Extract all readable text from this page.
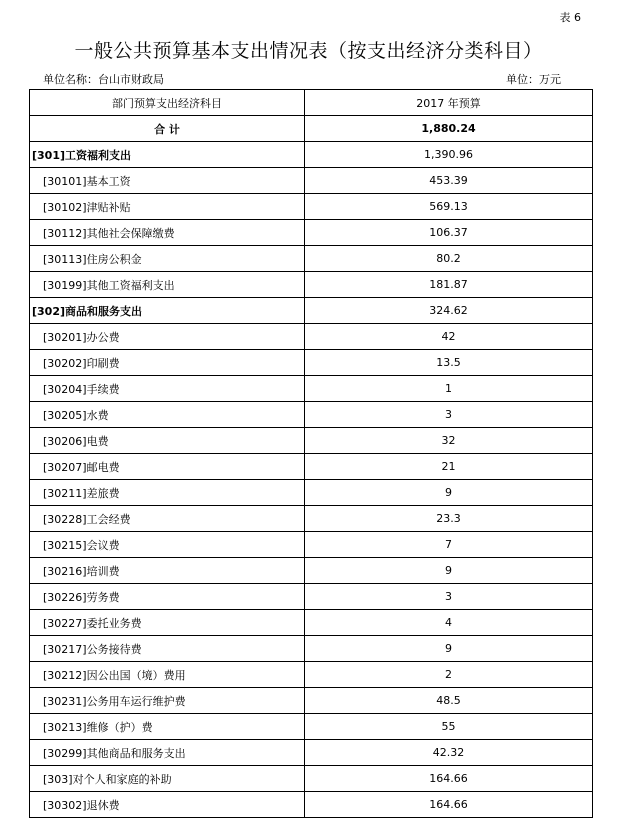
表 6
一般公共预算基本支出情况表（按支出经济分类科目）
单位名称：台山市财政局	单位：万元
部门预算支出经济科目	2017 年预算
合 计	1,880.24
[301]工资福利支出	1,390.96
[30101]基本工资	453.39
[30102]津贴补贴	569.13
[30112]其他社会保障缴费	106.37
[30113]住房公积金	80.2
[30199]其他工资福利支出	181.87
[302]商品和服务支出	324.62
[30201]办公费	42
[30202]印刷费	13.5
[30204]手续费	1
[30205]水费	3
[30206]电费	32
[30207]邮电费	21
[30211]差旅费	9
[30228]工会经费	23.3
[30215]会议费	7
[30216]培训费	9
[30226]劳务费	3
[30227]委托业务费	4
[30217]公务接待费	9
[30212]因公出国（境）费用	2
[30231]公务用车运行维护费	48.5
[30213]维修（护）费	55
[30299]其他商品和服务支出	42.32
[303]对个人和家庭的补助	164.66
[30302]退休费	164.66
